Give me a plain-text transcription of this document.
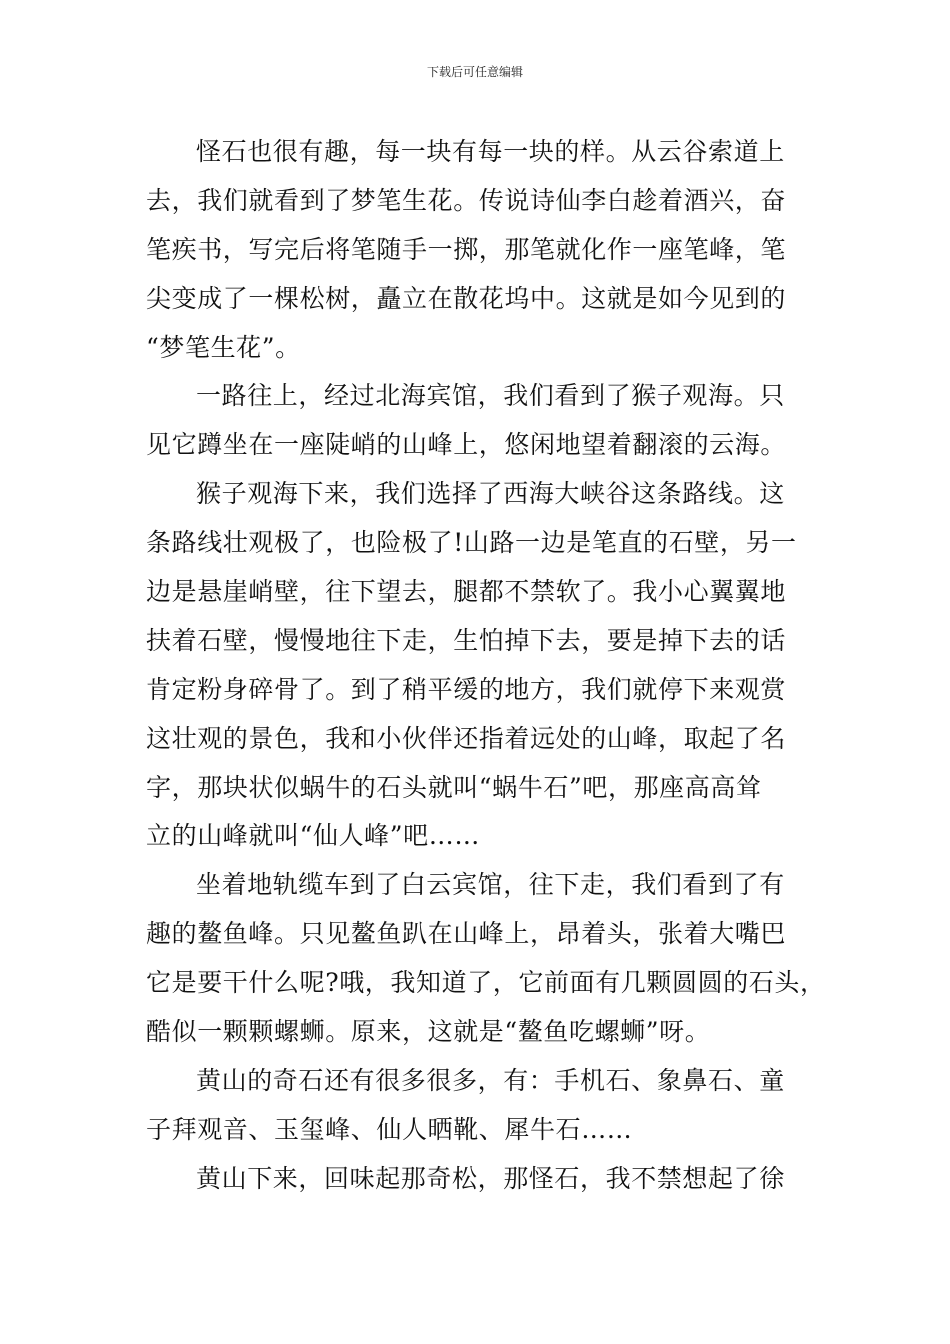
下载后可任意编辑
怪石也很有趣，每一块有每一块的样。从云谷索道上
去，我们就看到了梦笔生花。传说诗仙李白趁着酒兴，奋
笔疾书，写完后将笔随手一掷，那笔就化作一座笔峰，笔
尖变成了一棵松树，矗立在散花坞中。这就是如今见到的
“梦笔生花”。
一路往上，经过北海宾馆，我们看到了猴子观海。只
见它蹲坐在一座陡峭的山峰上，悠闲地望着翻滚的云海。
猴子观海下来，我们选择了西海大峡谷这条路线。这
条路线壮观极了，也险极了!山路一边是笔直的石壁，另一
边是悬崖峭壁，往下望去，腿都不禁软了。我小心翼翼地
扶着石壁，慢慢地往下走，生怕掉下去，要是掉下去的话
肯定粉身碎骨了。到了稍平缓的地方，我们就停下来观赏
这壮观的景色，我和小伙伴还指着远处的山峰，取起了名
字，那块状似蜗牛的石头就叫“蜗牛石”吧，那座高高耸
立的山峰就叫“仙人峰”吧……
坐着地轨缆车到了白云宾馆，往下走，我们看到了有
趣的鳌鱼峰。只见鳌鱼趴在山峰上，昂着头，张着大嘴巴
它是要干什么呢?哦，我知道了，它前面有几颗圆圆的石头，
酷似一颗颗螺蛳。原来，这就是“鳌鱼吃螺蛳”呀。
黄山的奇石还有很多很多，有：手机石、象鼻石、童
子拜观音、玉玺峰、仙人晒靴、犀牛石……
黄山下来，回味起那奇松，那怪石，我不禁想起了徐
